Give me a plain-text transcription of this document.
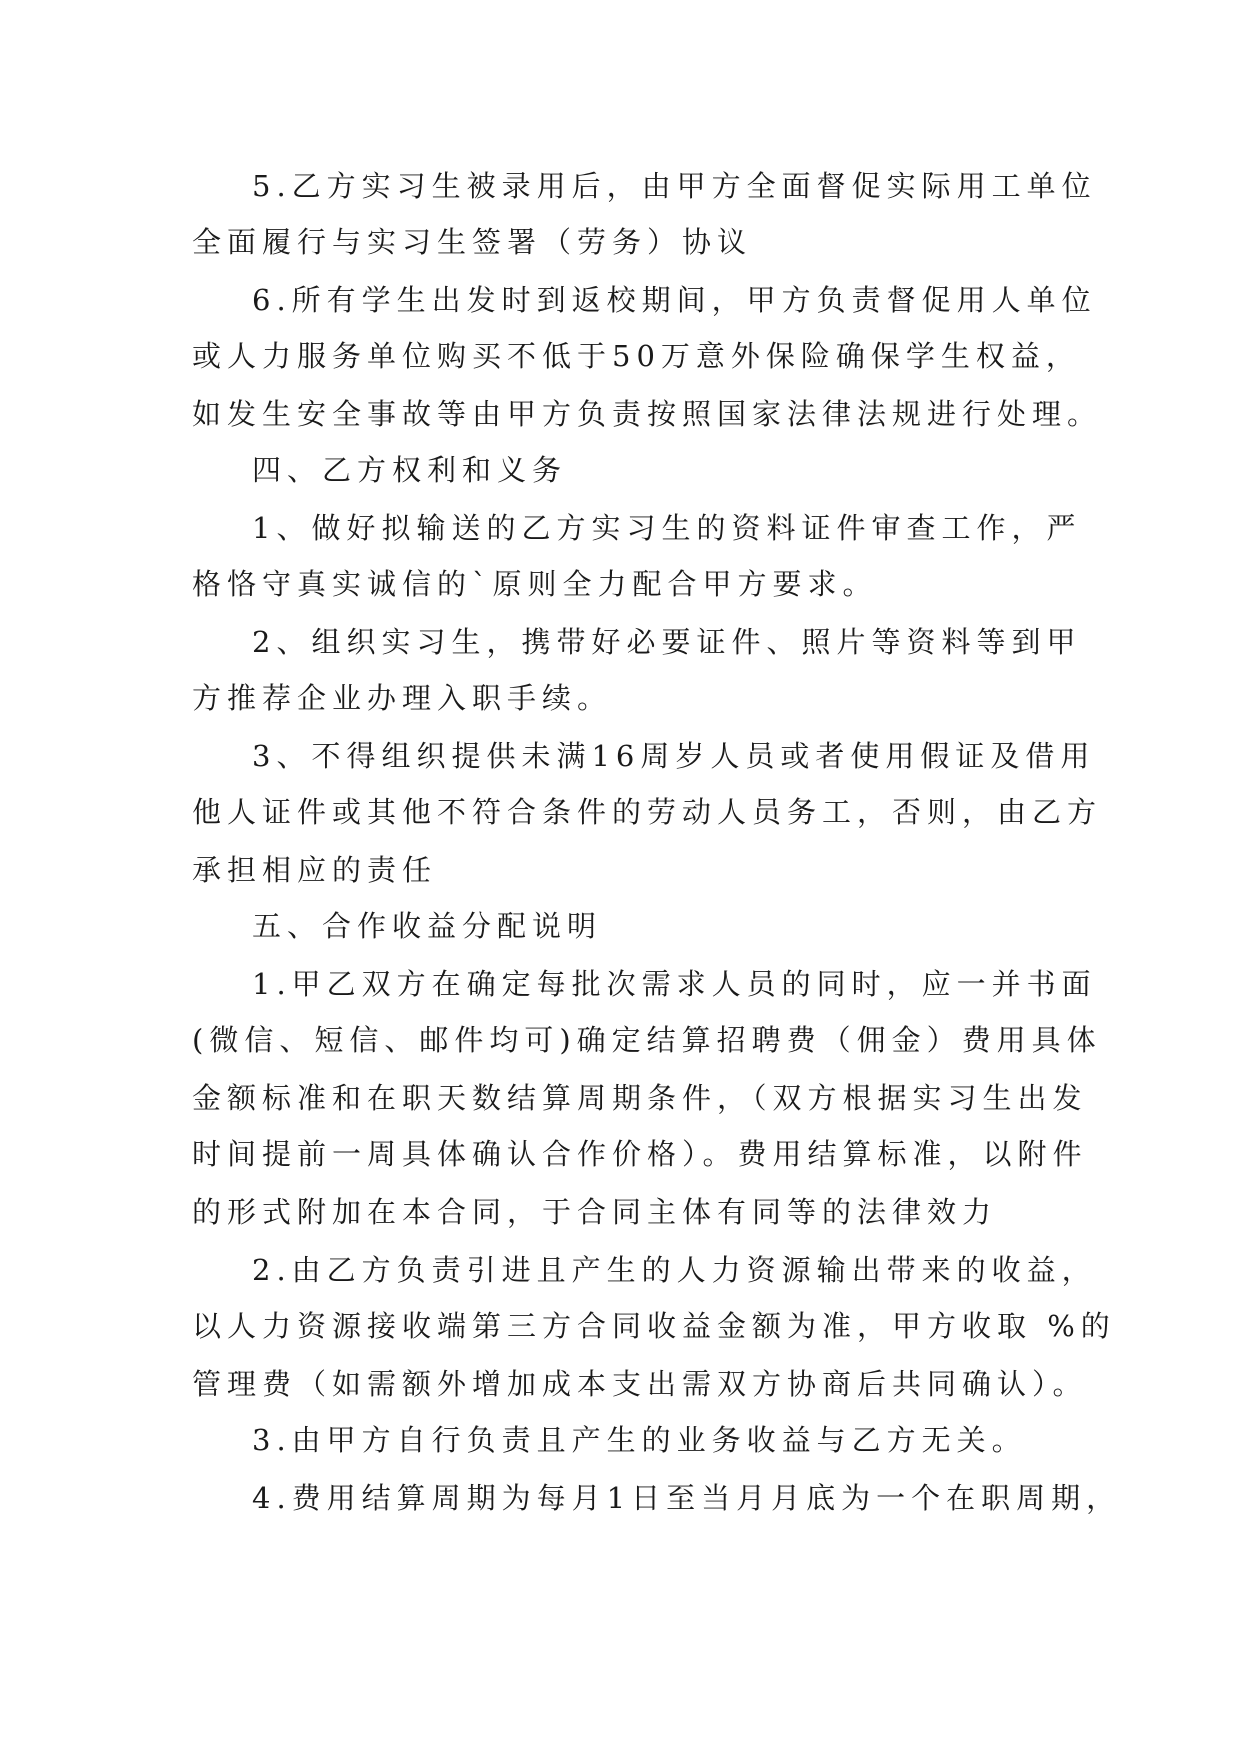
5.乙方实习生被录用后，由甲方全面督促实际用工单位
全面履行与实习生签署（劳务）协议
6.所有学生出发时到返校期间，甲方负责督促用人单位
或人力服务单位购买不低于50万意外保险确保学生权益，
如发生安全事故等由甲方负责按照国家法律法规进行处理。
四、乙方权利和义务
1、做好拟输送的乙方实习生的资料证件审查工作，严
格恪守真实诚信的`原则全力配合甲方要求。
2、组织实习生，携带好必要证件、照片等资料等到甲
方推荐企业办理入职手续。
3、不得组织提供未满16周岁人员或者使用假证及借用
他人证件或其他不符合条件的劳动人员务工，否则，由乙方
承担相应的责任
五、合作收益分配说明
1.甲乙双方在确定每批次需求人员的同时，应一并书面
(微信、短信、邮件均可)确定结算招聘费（佣金）费用具体
金额标准和在职天数结算周期条件，（双方根据实习生出发
时间提前一周具体确认合作价格）。费用结算标准，以附件
的形式附加在本合同，于合同主体有同等的法律效力
2.由乙方负责引进且产生的人力资源输出带来的收益，
以人力资源接收端第三方合同收益金额为准，甲方收取 %的
管理费（如需额外增加成本支出需双方协商后共同确认）。
3.由甲方自行负责且产生的业务收益与乙方无关。
4.费用结算周期为每月1日至当月月底为一个在职周期，
